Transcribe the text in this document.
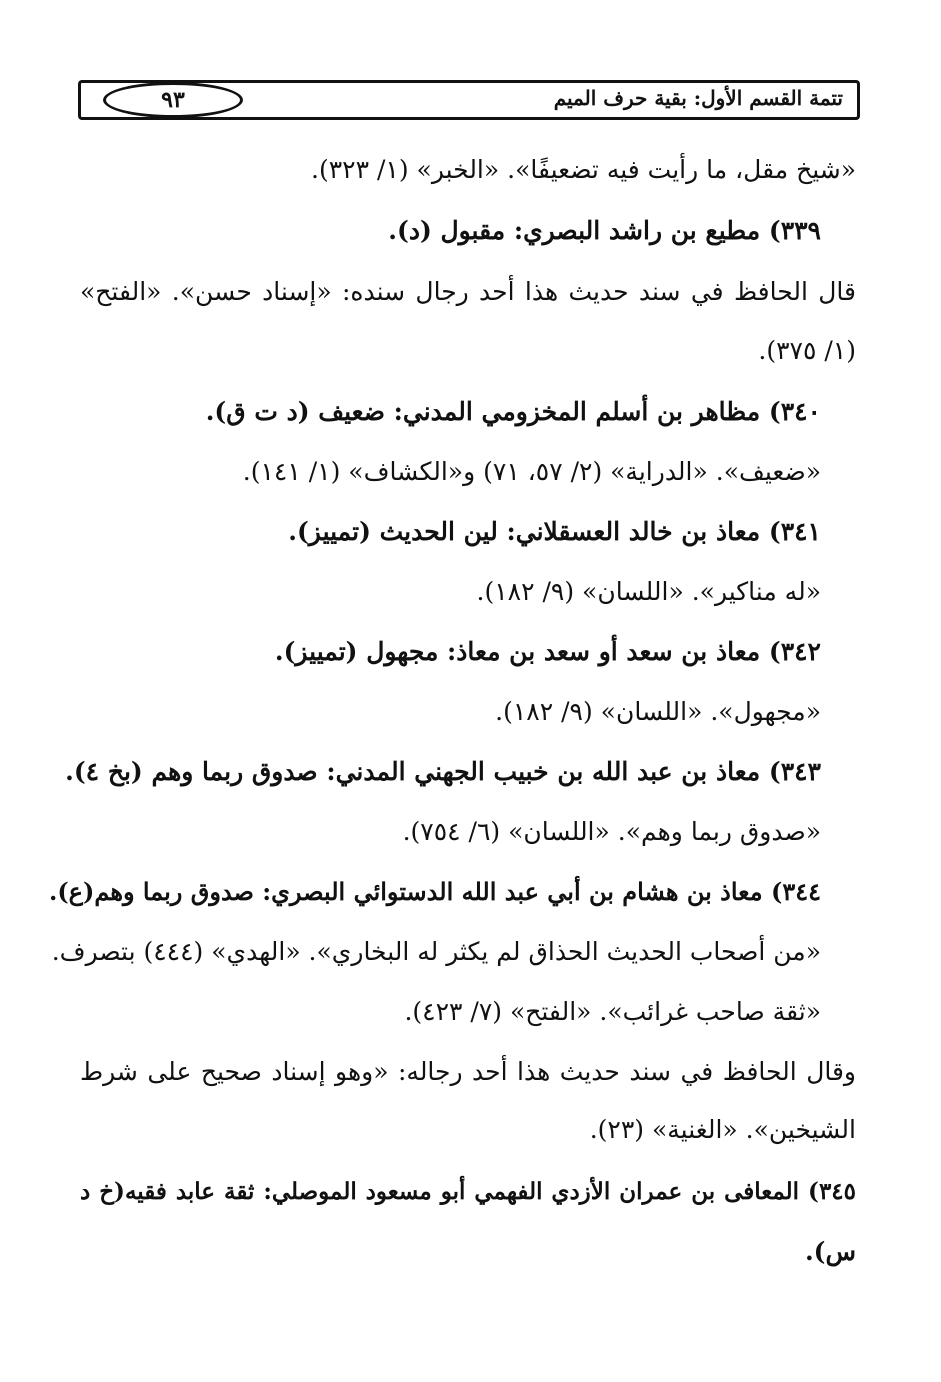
تتمة القسم الأول: بقية حرف الميم
٩٣
«شيخ مقل، ما رأيت فيه تضعيفًا». «الخبر» (١/ ٣٢٣).
٣٣٩) مطيع بن راشد البصري: مقبول (د).
قال الحافظ في سند حديث هذا أحد رجال سنده: «إسناد حسن». «الفتح»
(١/ ٣٧٥).
٣٤٠) مظاهر بن أسلم المخزومي المدني: ضعيف (د ت ق).
«ضعيف». «الدراية» (٢/ ٥٧، ٧١) و«الكشاف» (١/ ١٤١).
٣٤١) معاذ بن خالد العسقلاني: لين الحديث (تمييز).
«له مناكير». «اللسان» (٩/ ١٨٢).
٣٤٢) معاذ بن سعد أو سعد بن معاذ: مجهول (تمييز).
«مجهول». «اللسان» (٩/ ١٨٢).
٣٤٣) معاذ بن عبد الله بن خبيب الجهني المدني: صدوق ربما وهم (بخ ٤).
«صدوق ربما وهم». «اللسان» (٦/ ٧٥٤).
٣٤٤) معاذ بن هشام بن أبي عبد الله الدستوائي البصري: صدوق ربما وهم(ع).
«من أصحاب الحديث الحذاق لم يكثر له البخاري». «الهدي» (٤٤٤) بتصرف.
«ثقة صاحب غرائب». «الفتح» (٧/ ٤٢٣).
وقال الحافظ في سند حديث هذا أحد رجاله: «وهو إسناد صحيح على شرط
الشيخين». «الغنية» (٢٣).
٣٤٥) المعافى بن عمران الأزدي الفهمي أبو مسعود الموصلي: ثقة عابد فقيه(خ د
س).
